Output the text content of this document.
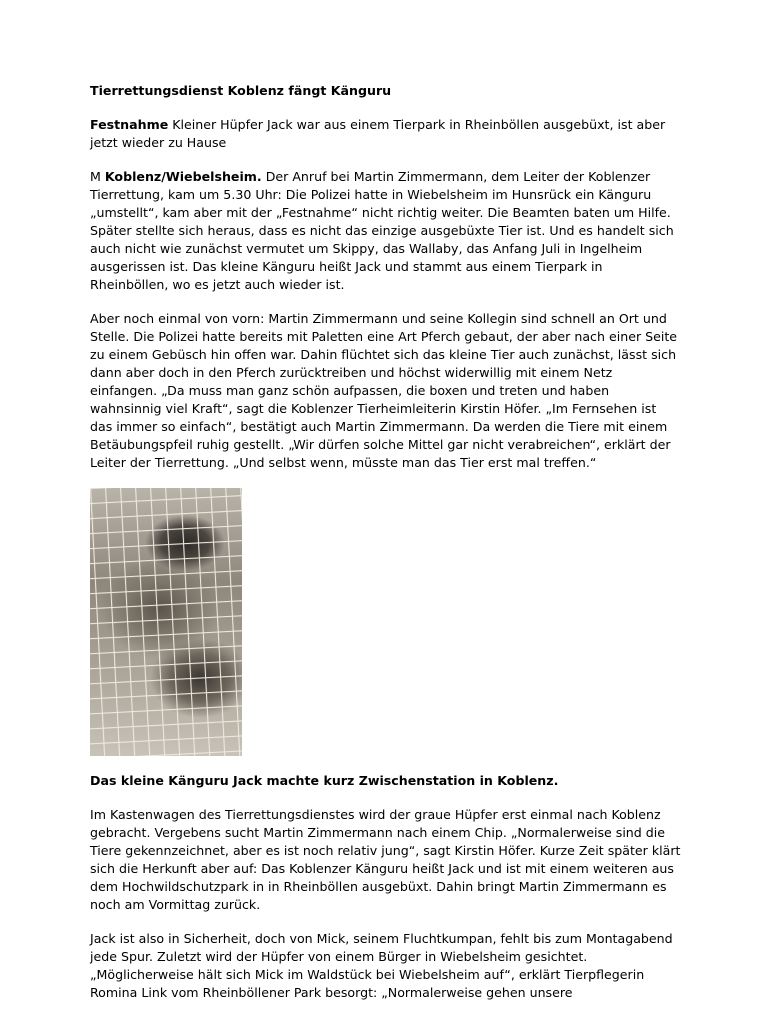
Tierrettungsdienst Koblenz fängt Känguru

Festnahme Kleiner Hüpfer Jack war aus einem Tierpark in Rheinböllen ausgebüxt, ist aber jetzt wieder zu Hause

M Koblenz/Wiebelsheim. Der Anruf bei Martin Zimmermann, dem Leiter der Koblenzer Tierrettung, kam um 5.30 Uhr: Die Polizei hatte in Wiebelsheim im Hunsrück ein Känguru „umstellt“, kam aber mit der „Festnahme“ nicht richtig weiter. Die Beamten baten um Hilfe. Später stellte sich heraus, dass es nicht das einzige ausgebüxte Tier ist. Und es handelt sich auch nicht wie zunächst vermutet um Skippy, das Wallaby, das Anfang Juli in Ingelheim ausgerissen ist. Das kleine Känguru heißt Jack und stammt aus einem Tierpark in Rheinböllen, wo es jetzt auch wieder ist.

Aber noch einmal von vorn: Martin Zimmermann und seine Kollegin sind schnell an Ort und Stelle. Die Polizei hatte bereits mit Paletten eine Art Pferch gebaut, der aber nach einer Seite zu einem Gebüsch hin offen war. Dahin flüchtet sich das kleine Tier auch zunächst, lässt sich dann aber doch in den Pferch zurücktreiben und höchst widerwillig mit einem Netz einfangen. „Da muss man ganz schön aufpassen, die boxen und treten und haben wahnsinnig viel Kraft“, sagt die Koblenzer Tierheimleiterin Kirstin Höfer. „Im Fernsehen ist das immer so einfach“, bestätigt auch Martin Zimmermann. Da werden die Tiere mit einem Betäubungspfeil ruhig gestellt. „Wir dürfen solche Mittel gar nicht verabreichen“, erklärt der Leiter der Tierrettung. „Und selbst wenn, müsste man das Tier erst mal treffen.“

Das kleine Känguru Jack machte kurz Zwischenstation in Koblenz.

Im Kastenwagen des Tierrettungsdienstes wird der graue Hüpfer erst einmal nach Koblenz gebracht. Vergebens sucht Martin Zimmermann nach einem Chip. „Normalerweise sind die Tiere gekennzeichnet, aber es ist noch relativ jung“, sagt Kirstin Höfer. Kurze Zeit später klärt sich die Herkunft aber auf: Das Koblenzer Känguru heißt Jack und ist mit einem weiteren aus dem Hochwildschutzpark in in Rheinböllen ausgebüxt. Dahin bringt Martin Zimmermann es noch am Vormittag zurück.

Jack ist also in Sicherheit, doch von Mick, seinem Fluchtkumpan, fehlt bis zum Montagabend jede Spur. Zuletzt wird der Hüpfer von einem Bürger in Wiebelsheim gesichtet. „Möglicherweise hält sich Mick im Waldstück bei Wiebelsheim auf“, erklärt Tierpflegerin Romina Link vom Rheinböllener Park besorgt: „Normalerweise gehen unsere
